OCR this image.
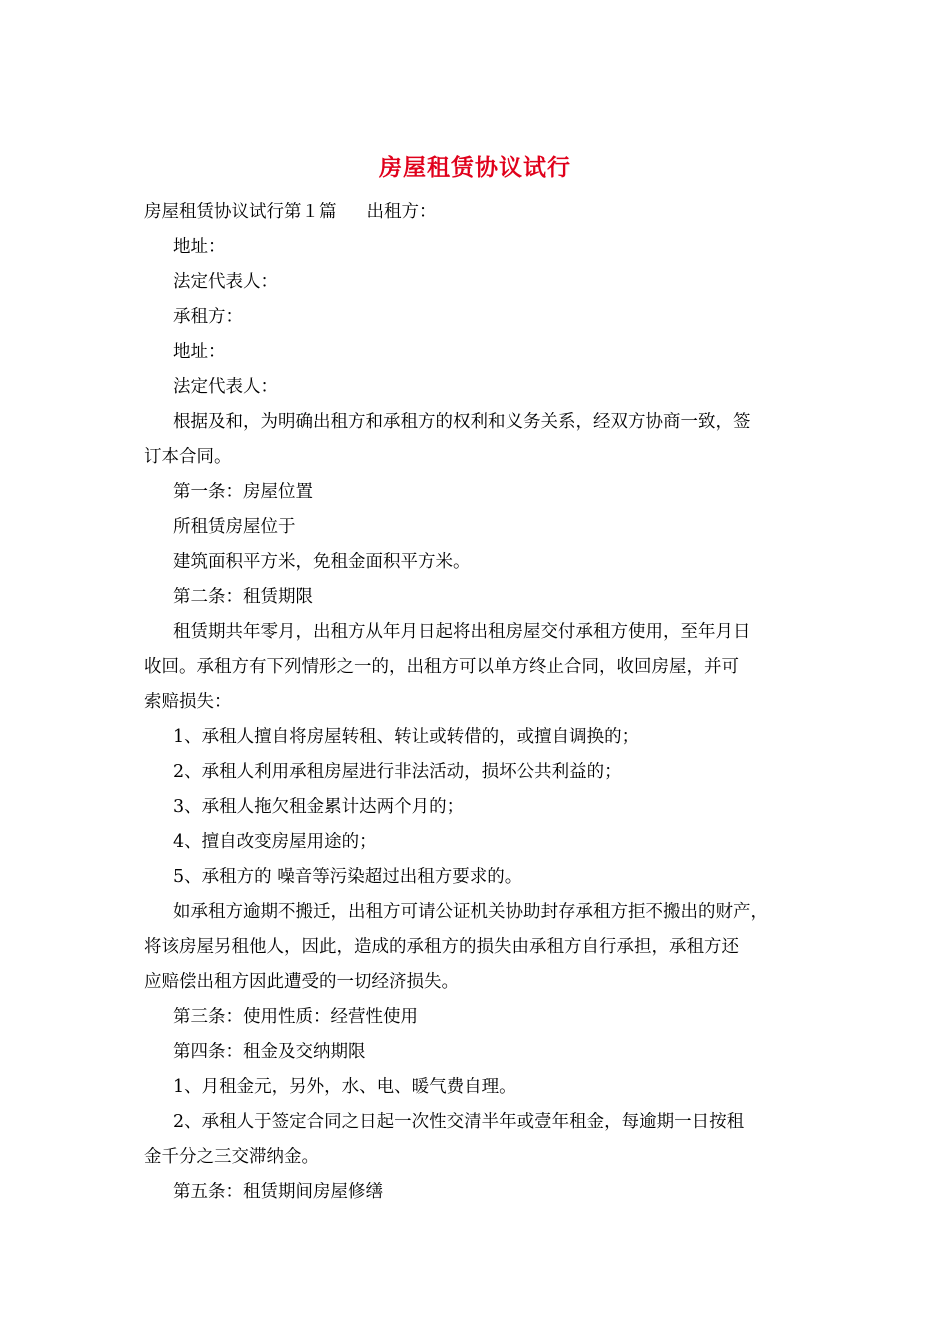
房屋租赁协议试行

房屋租赁协议试行第１篇 出租方：

地址：

法定代表人：

承租方：

地址：

法定代表人：

根据及和，为明确出租方和承租方的权利和义务关系，经双方协商一致，签

订本合同。

第一条：房屋位置

所租赁房屋位于

建筑面积平方米，免租金面积平方米。

第二条：租赁期限

租赁期共年零月，出租方从年月日起将出租房屋交付承租方使用，至年月日

收回。承租方有下列情形之一的，出租方可以单方终止合同，收回房屋，并可

索赔损失：

1、承租人擅自将房屋转租、转让或转借的，或擅自调换的；

2、承租人利用承租房屋进行非法活动，损坏公共利益的；

3、承租人拖欠租金累计达两个月的；

4、擅自改变房屋用途的；

5、承租方的 噪音等污染超过出租方要求的。

如承租方逾期不搬迁，出租方可请公证机关协助封存承租方拒不搬出的财产，

将该房屋另租他人，因此，造成的承租方的损失由承租方自行承担，承租方还

应赔偿出租方因此遭受的一切经济损失。

第三条：使用性质：经营性使用

第四条：租金及交纳期限

1、月租金元，另外，水、电、暖气费自理。

2、承租人于签定合同之日起一次性交清半年或壹年租金，每逾期一日按租

金千分之三交滞纳金。

第五条：租赁期间房屋修缮
